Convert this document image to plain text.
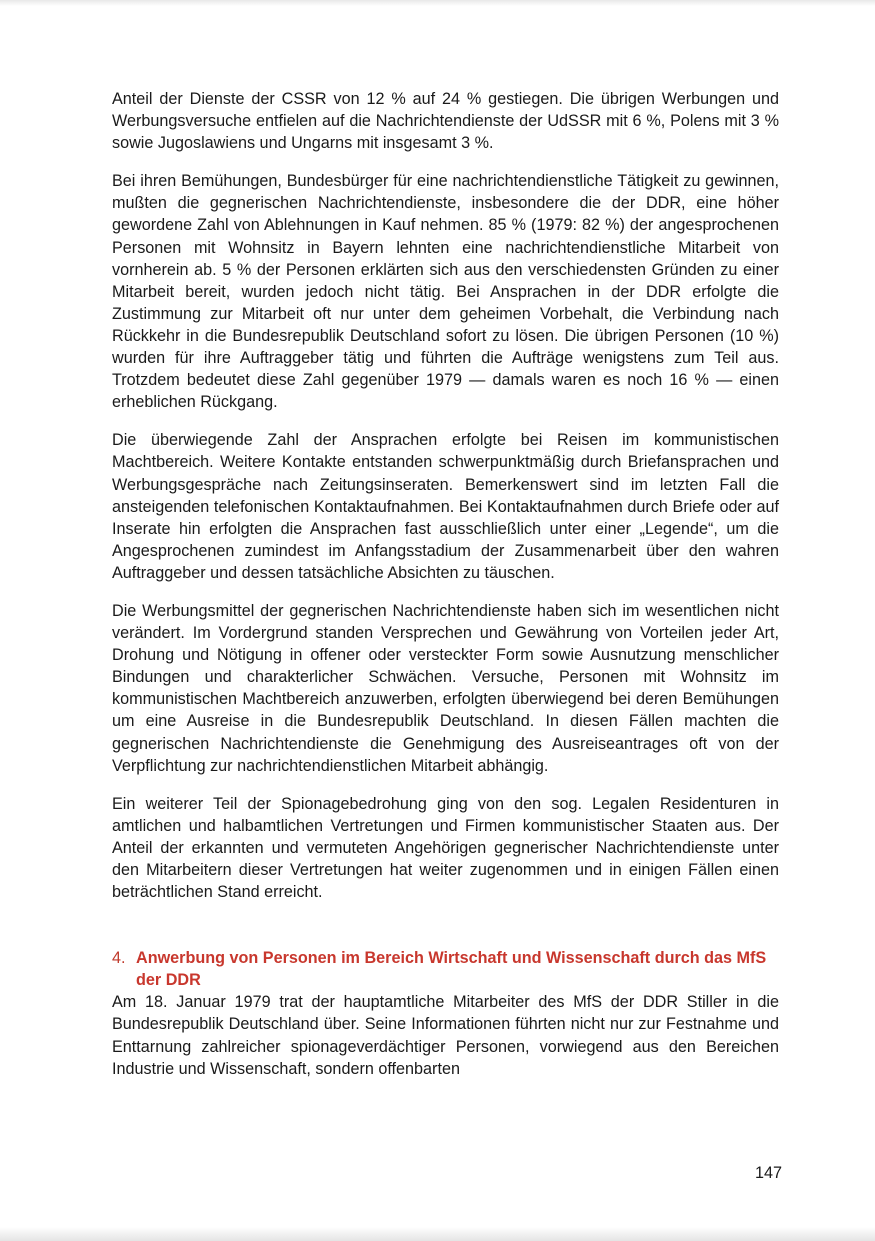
Anteil der Dienste der CSSR von 12 % auf 24 % gestiegen. Die übrigen Werbungen und Werbungsversuche entfielen auf die Nachrichtendienste der UdSSR mit 6 %, Polens mit 3 % sowie Jugoslawiens und Ungarns mit insgesamt 3 %.

Bei ihren Bemühungen, Bundesbürger für eine nachrichtendienstliche Tätigkeit zu gewinnen, mußten die gegnerischen Nachrichtendienste, insbesondere die der DDR, eine höher gewordene Zahl von Ablehnungen in Kauf nehmen. 85 % (1979: 82 %) der angesprochenen Personen mit Wohnsitz in Bayern lehnten eine nachrichtendienstliche Mitarbeit von vornherein ab. 5 % der Personen erklärten sich aus den verschiedensten Gründen zu einer Mitarbeit bereit, wurden jedoch nicht tätig. Bei Ansprachen in der DDR erfolgte die Zustimmung zur Mitarbeit oft nur unter dem geheimen Vorbehalt, die Verbindung nach Rückkehr in die Bundesrepublik Deutschland sofort zu lösen. Die übrigen Personen (10 %) wurden für ihre Auftraggeber tätig und führten die Aufträge wenigstens zum Teil aus. Trotzdem bedeutet diese Zahl gegenüber 1979 — damals waren es noch 16 % — einen erheblichen Rückgang.

Die überwiegende Zahl der Ansprachen erfolgte bei Reisen im kommunistischen Machtbereich. Weitere Kontakte entstanden schwerpunktmäßig durch Briefansprachen und Werbungsgespräche nach Zeitungsinseraten. Bemerkenswert sind im letzten Fall die ansteigenden telefonischen Kontaktaufnahmen. Bei Kontaktaufnahmen durch Briefe oder auf Inserate hin erfolgten die Ansprachen fast ausschließlich unter einer „Legende“, um die Angesprochenen zumindest im Anfangsstadium der Zusammenarbeit über den wahren Auftraggeber und dessen tatsächliche Absichten zu täuschen.

Die Werbungsmittel der gegnerischen Nachrichtendienste haben sich im wesentlichen nicht verändert. Im Vordergrund standen Versprechen und Gewährung von Vorteilen jeder Art, Drohung und Nötigung in offener oder versteckter Form sowie Ausnutzung menschlicher Bindungen und charakterlicher Schwächen. Versuche, Personen mit Wohnsitz im kommunistischen Machtbereich anzuwerben, erfolgten überwiegend bei deren Bemühungen um eine Ausreise in die Bundesrepublik Deutschland. In diesen Fällen machten die gegnerischen Nachrichtendienste die Genehmigung des Ausreiseantrages oft von der Verpflichtung zur nachrichtendienstlichen Mitarbeit abhängig.

Ein weiterer Teil der Spionagebedrohung ging von den sog. Legalen Residenturen in amtlichen und halbamtlichen Vertretungen und Firmen kommunistischer Staaten aus. Der Anteil der erkannten und vermuteten Angehörigen gegnerischer Nachrichtendienste unter den Mitarbeitern dieser Vertretungen hat weiter zugenommen und in einigen Fällen einen beträchtlichen Stand erreicht.

4. Anwerbung von Personen im Bereich Wirtschaft und Wissenschaft durch das MfS der DDR

Am 18. Januar 1979 trat der hauptamtliche Mitarbeiter des MfS der DDR Stiller in die Bundesrepublik Deutschland über. Seine Informationen führten nicht nur zur Festnahme und Enttarnung zahlreicher spionageverdächtiger Personen, vorwiegend aus den Bereichen Industrie und Wissenschaft, sondern offenbarten

147
